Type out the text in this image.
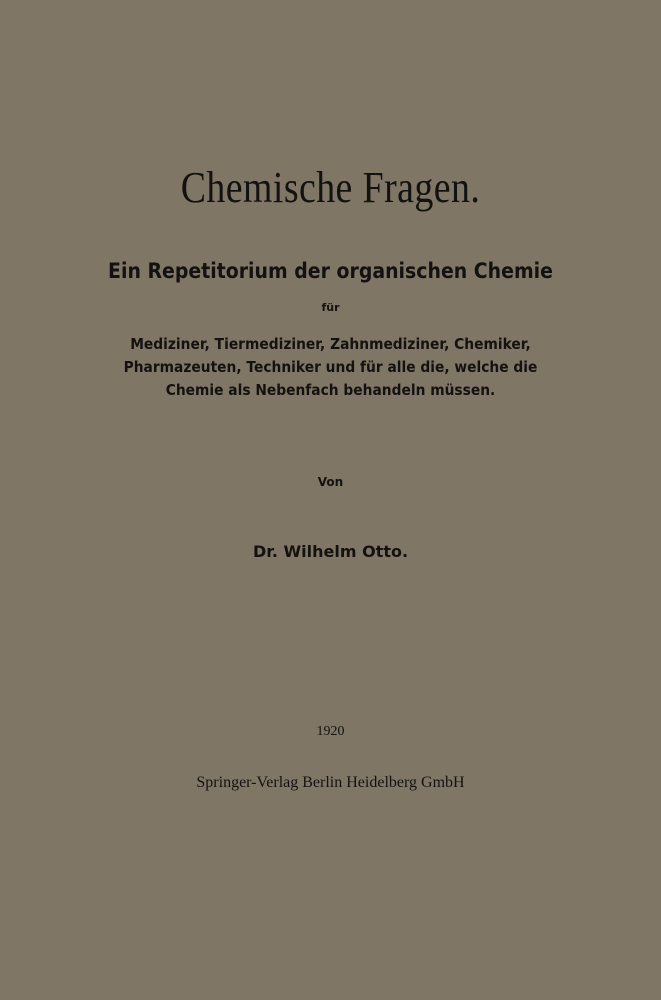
Chemische Fragen.
Ein Repetitorium der organischen Chemie
für
Mediziner, Tiermediziner, Zahnmediziner, Chemiker,
Pharmazeuten, Techniker und für alle die, welche die
Chemie als Nebenfach behandeln müssen.
Von
Dr. Wilhelm Otto.
1920
Springer-Verlag Berlin Heidelberg GmbH
